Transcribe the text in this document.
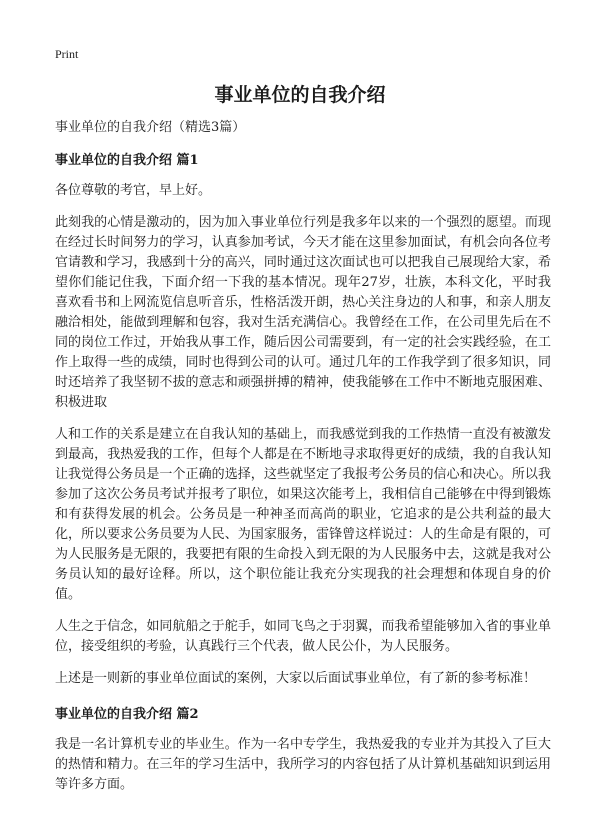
Print
事业单位的自我介绍

事业单位的自我介绍（精选3篇）

事业单位的自我介绍 篇1

各位尊敬的考官，早上好。

此刻我的心情是激动的，因为加入事业单位行列是我多年以来的一个强烈的愿望。而现在经过长时间努力的学习，认真参加考试，今天才能在这里参加面试，有机会向各位考官请教和学习，我感到十分的高兴，同时通过这次面试也可以把我自己展现给大家，希望你们能记住我，下面介绍一下我的基本情况。现年27岁，壮族，本科文化，平时我喜欢看书和上网流览信息听音乐，性格活泼开朗，热心关注身边的人和事，和亲人朋友融洽相处，能做到理解和包容，我对生活充满信心。我曾经在工作，在公司里先后在不同的岗位工作过，开始我从事工作，随后因公司需要到，有一定的社会实践经验，在工作上取得一些的成绩，同时也得到公司的认可。通过几年的工作我学到了很多知识，同时还培养了我坚韧不拔的意志和顽强拼搏的精神，使我能够在工作中不断地克服困难、积极进取

人和工作的关系是建立在自我认知的基础上，而我感觉到我的工作热情一直没有被激发到最高，我热爱我的工作，但每个人都是在不断地寻求取得更好的成绩，我的自我认知让我觉得公务员是一个正确的选择，这些就坚定了我报考公务员的信心和决心。所以我参加了这次公务员考试并报考了职位，如果这次能考上，我相信自己能够在中得到锻炼和有获得发展的机会。公务员是一种神圣而高尚的职业，它追求的是公共利益的最大化，所以要求公务员要为人民、为国家服务，雷锋曾这样说过：人的生命是有限的，可为人民服务是无限的，我要把有限的生命投入到无限的为人民服务中去，这就是我对公务员认知的最好诠释。所以，这个职位能让我充分实现我的社会理想和体现自身的价值。

人生之于信念，如同航船之于舵手，如同飞鸟之于羽翼，而我希望能够加入省的事业单位，接受组织的考验，认真践行三个代表，做人民公仆，为人民服务。

上述是一则新的事业单位面试的案例，大家以后面试事业单位，有了新的参考标准！

事业单位的自我介绍 篇2

我是一名计算机专业的毕业生。作为一名中专学生，我热爱我的专业并为其投入了巨大的热情和精力。在三年的学习生活中，我所学习的内容包括了从计算机基础知识到运用等许多方面。
